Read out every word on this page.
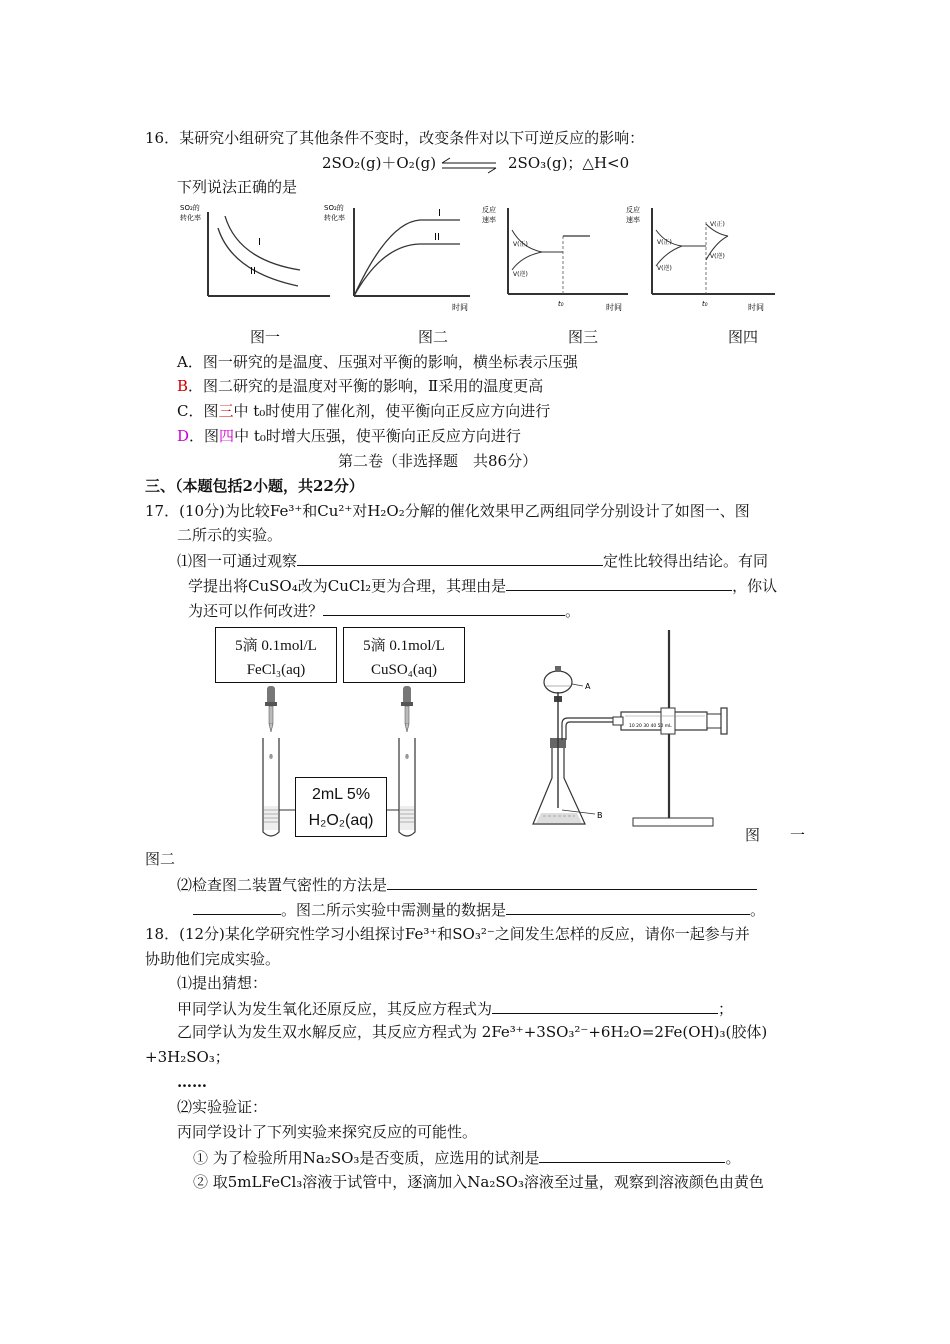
16．某研究小组研究了其他条件不变时，改变条件对以下可逆反应的影响：
2SO₂(g)＋O₂(g)	2SO₃(g)；△H<0
下列说法正确的是
SO₂的
转化率
I
II
SO₂的
转化率	I
II
时间
反应
速率
V(正)
V(逆)
t₀	时间
反应
速率
V(正)
V(逆)
V(正)
V(逆)
t₀	时间
图一	图二	图三	图四
A．图一研究的是温度、压强对平衡的影响，横坐标表示压强
B．图二研究的是温度对平衡的影响，Ⅱ采用的温度更高
C．图三中 t₀时使用了催化剂，使平衡向正反应方向进行
D．图四中 t₀时增大压强，使平衡向正反应方向进行
第二卷（非选择题　共86分）
三、（本题包括2小题，共22分）
17．(10分)为比较Fe³⁺和Cu²⁺对H₂O₂分解的催化效果甲乙两组同学分别设计了如图一、图
二所示的实验。
⑴图一可通过观察	定性比较得出结论。有同
学提出将CuSO₄改为CuCl₂更为合理，其理由是	，你认
为还可以作何改进？	。
5滴 0.1mol/L
FeCl₃(aq)
5滴 0.1mol/L
CuSO₄(aq)
2mL 5%
H₂O₂(aq)
A
10 20 30 40 50 mL
B
图 一
图二
⑵检查图二装置气密性的方法是
。图二所示实验中需测量的数据是	。
18．(12分)某化学研究性学习小组探讨Fe³⁺和SO₃²⁻之间发生怎样的反应，请你一起参与并
协助他们完成实验。
⑴提出猜想：
甲同学认为发生氧化还原反应，其反应方程式为	；
乙同学认为发生双水解反应，其反应方程式为 2Fe³⁺+3SO₃²⁻+6H₂O=2Fe(OH)₃(胶体)
+3H₂SO₃；
……
⑵实验验证：
丙同学设计了下列实验来探究反应的可能性。
① 为了检验所用Na₂SO₃是否变质，应选用的试剂是	。
② 取5mLFeCl₃溶液于试管中，逐滴加入Na₂SO₃溶液至过量，观察到溶液颜色由黄色
